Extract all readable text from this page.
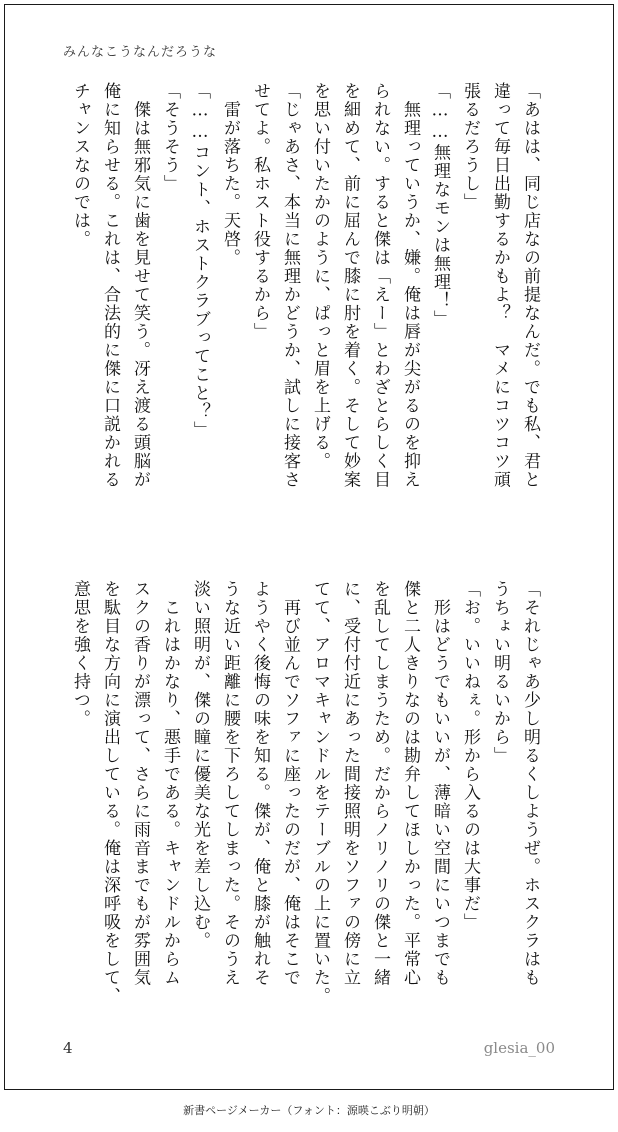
みんなこうなんだろうな
「あはは、同じ店なの前提なんだ。でも私、君と
違って毎日出勤するかもよ？　マメにコツコツ頑
張るだろうし」
「……無理なモンは無理！」
　無理っていうか、嫌。俺は唇が尖がるのを抑え
られない。すると傑は「えー」とわざとらしく目
を細めて、前に屈んで膝に肘を着く。そして妙案
を思い付いたかのように、ぱっと眉を上げる。
「じゃあさ、本当に無理かどうか、試しに接客さ
せてよ。私ホスト役するから」
　雷が落ちた。天啓。
「……コント、ホストクラブってこと？」
「そうそう」
　傑は無邪気に歯を見せて笑う。冴え渡る頭脳が
俺に知らせる。これは、合法的に傑に口説かれる
チャンスなのでは。
「それじゃあ少し明るくしようぜ。ホスクラはも
うちょい明るいから」
「お。いいねぇ。形から入るのは大事だ」
　形はどうでもいいが、薄暗い空間にいつまでも
傑と二人きりなのは勘弁してほしかった。平常心
を乱してしまうため。だからノリノリの傑と一緒
に、受付付近にあった間接照明をソファの傍に立
てて、アロマキャンドルをテーブルの上に置いた。
　再び並んでソファに座ったのだが、俺はそこで
ようやく後悔の味を知る。傑が、俺と膝が触れそ
うな近い距離に腰を下ろしてしまった。そのうえ
淡い照明が、傑の瞳に優美な光を差し込む。
　これはかなり、悪手である。キャンドルからム
スクの香りが漂って、さらに雨音までもが雰囲気
を駄目な方向に演出している。俺は深呼吸をして、
意思を強く持つ。
4	glesia_00
新書ページメーカー（フォント：源暎こぶり明朝）
